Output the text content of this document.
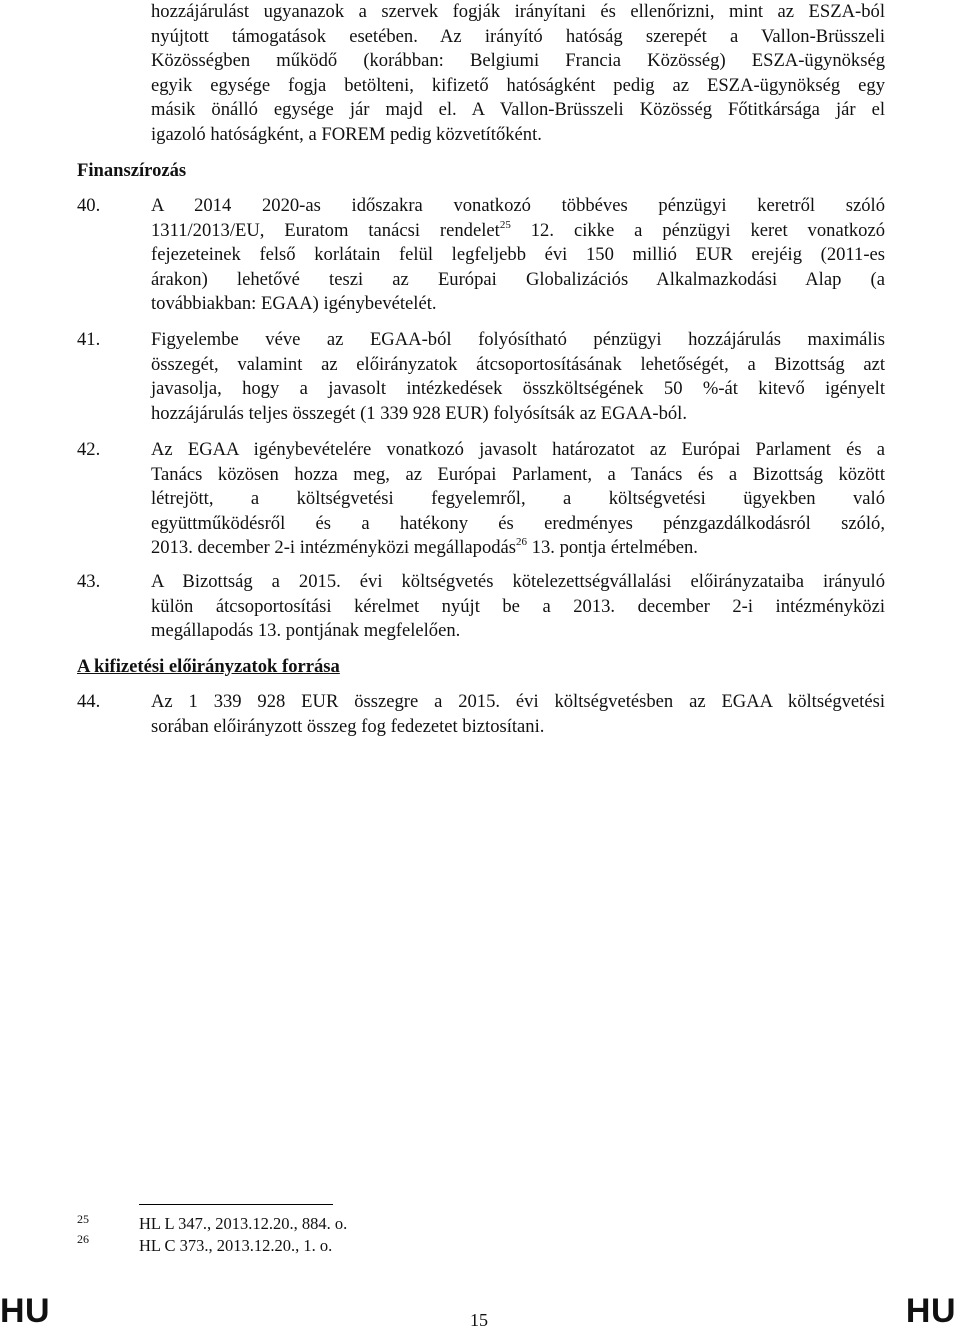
hozzájárulást ugyanazok a szervek fogják irányítani és ellenőrizni, mint az ESZA-ból
nyújtott támogatások esetében. Az irányító hatóság szerepét a Vallon-Brüsszeli
Közösségben működő (korábban: Belgiumi Francia Közösség) ESZA-ügynökség
egyik egysége fogja betölteni, kifizető hatóságként pedig az ESZA-ügynökség egy
másik önálló egysége jár majd el. A Vallon-Brüsszeli Közösség Főtitkársága jár el
igazoló hatóságként, a FOREM pedig közvetítőként.
Finanszírozás
40.	A 2014 2020-as időszakra vonatkozó többéves pénzügyi keretről szóló
1311/2013/EU, Euratom tanácsi rendelet$^{25}$ 12. cikke a pénzügyi keret vonatkozó
fejezeteinek felső korlátain felül legfeljebb évi 150 millió EUR erejéig (2011-es
árakon) lehetővé teszi az Európai Globalizációs Alkalmazkodási Alap (a
továbbiakban: EGAA) igénybevételét.
41.	Figyelembe véve az EGAA-ból folyósítható pénzügyi hozzájárulás maximális
összegét, valamint az előirányzatok átcsoportosításának lehetőségét, a Bizottság azt
javasolja, hogy a javasolt intézkedések összköltségének 50 %-át kitevő igényelt
hozzájárulás teljes összegét (1 339 928 EUR) folyósítsák az EGAA-ból.
42.	Az EGAA igénybevételére vonatkozó javasolt határozatot az Európai Parlament és a
Tanács közösen hozza meg, az Európai Parlament, a Tanács és a Bizottság között
létrejött, a költségvetési fegyelemről, a költségvetési ügyekben való
együttműködésről és a hatékony és eredményes pénzgazdálkodásról szóló,
2013. december 2-i intézményközi megállapodás$^{26}$ 13. pontja értelmében.
43.	A Bizottság a 2015. évi költségvetés kötelezettségvállalási előirányzataiba irányuló
külön átcsoportosítási kérelmet nyújt be a 2013. december 2-i intézményközi
megállapodás 13. pontjának megfelelően.
A kifizetési előirányzatok forrása
44.	Az 1 339 928 EUR összegre a 2015. évi költségvetésben az EGAA költségvetési
sorában előirányzott összeg fog fedezetet biztosítani.
25	HL L 347., 2013.12.20., 884. o.
26	HL C 373., 2013.12.20., 1. o.
HU	15	HU
